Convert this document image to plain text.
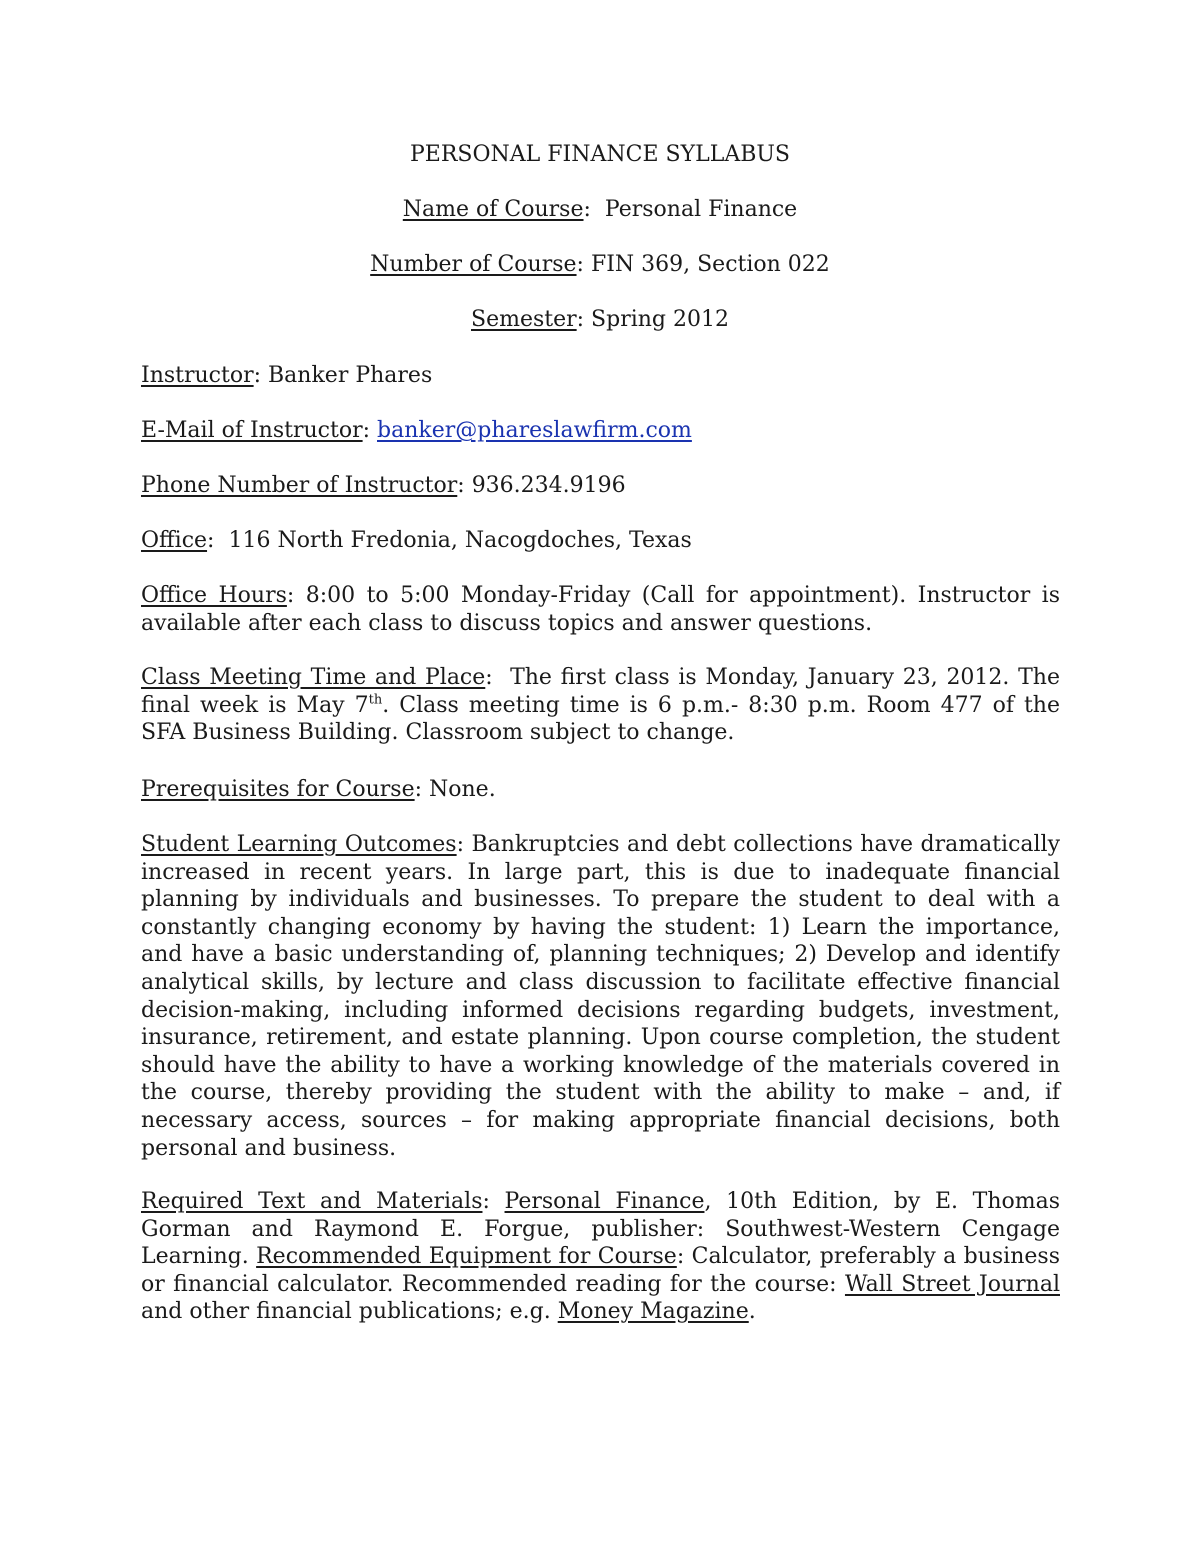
PERSONAL FINANCE SYLLABUS
Name of Course:  Personal Finance
Number of Course: FIN 369, Section 022
Semester: Spring 2012
Instructor: Banker Phares
E-Mail of Instructor: banker@phareslawfirm.com
Phone Number of Instructor: 936.234.9196
Office:  116 North Fredonia, Nacogdoches, Texas
Office Hours: 8:00 to 5:00 Monday-Friday (Call for appointment). Instructor is available after each class to discuss topics and answer questions.
Class Meeting Time and Place:  The first class is Monday, January 23, 2012. The final week is May 7th. Class meeting time is 6 p.m.- 8:30 p.m. Room 477 of the SFA Business Building. Classroom subject to change.
Prerequisites for Course: None.
Student Learning Outcomes: Bankruptcies and debt collections have dramatically increased in recent years. In large part, this is due to inadequate financial planning by individuals and businesses. To prepare the student to deal with a constantly changing economy by having the student: 1) Learn the importance, and have a basic understanding of, planning techniques; 2) Develop and identify analytical skills, by lecture and class discussion to facilitate effective financial decision-making, including informed decisions regarding budgets, investment, insurance, retirement, and estate planning. Upon course completion, the student should have the ability to have a working knowledge of the materials covered in the course, thereby providing the student with the ability to make – and, if necessary access, sources – for making appropriate financial decisions, both personal and business.
Required Text and Materials: Personal Finance, 10th Edition, by E. Thomas Gorman and Raymond E. Forgue, publisher: Southwest-Western Cengage Learning. Recommended Equipment for Course: Calculator, preferably a business or financial calculator. Recommended reading for the course: Wall Street Journal and other financial publications; e.g. Money Magazine.
